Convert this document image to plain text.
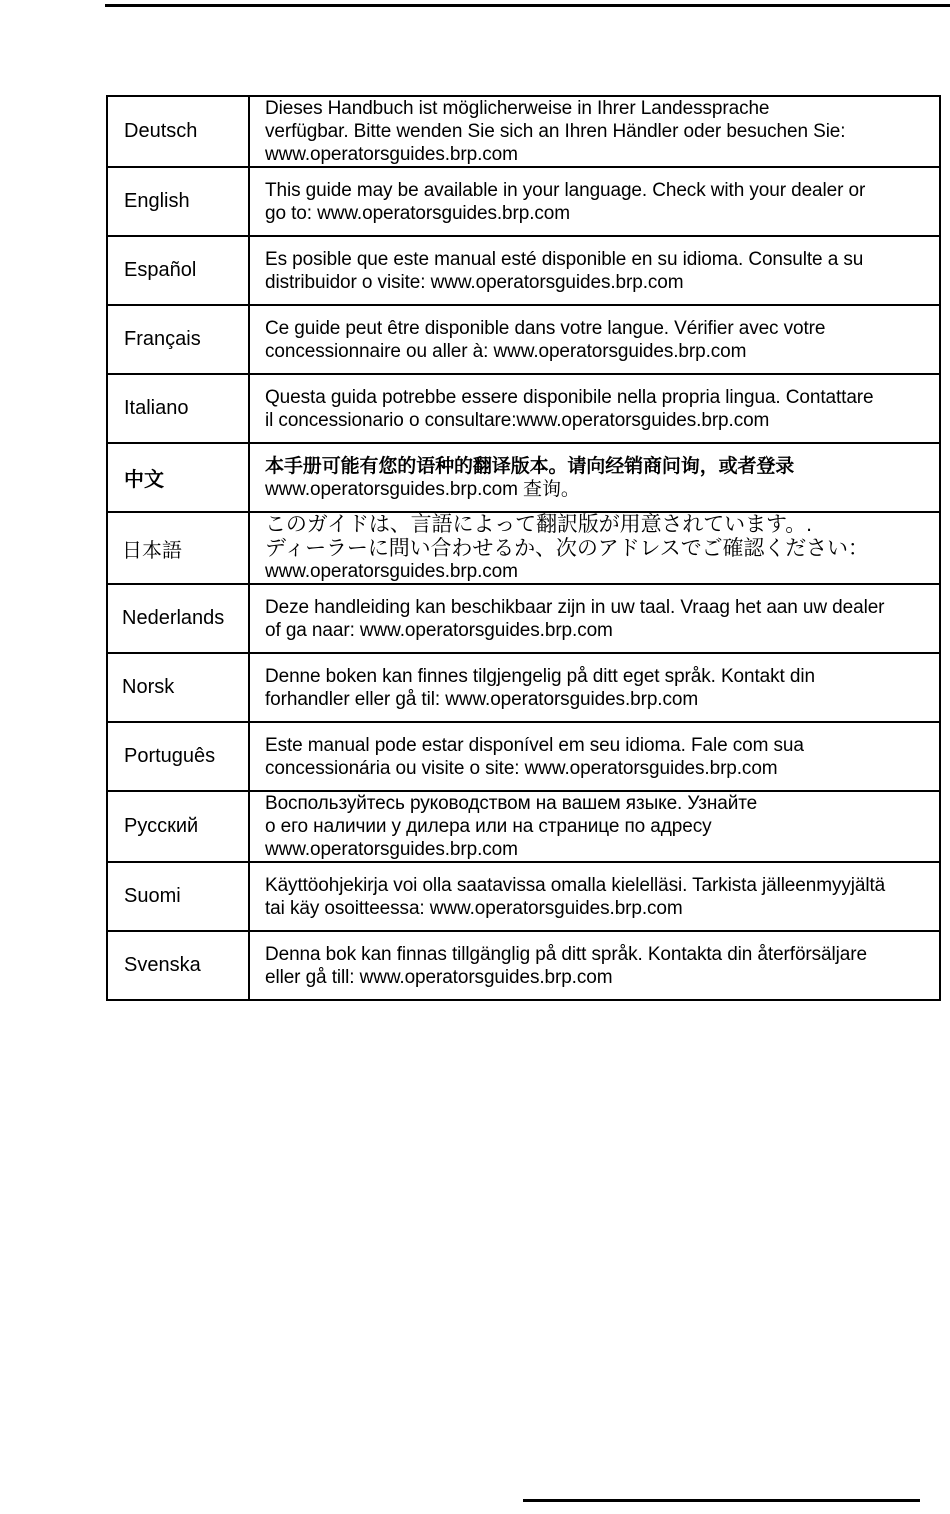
Deutsch	Dieses Handbuch ist möglicherweise in Ihrer Landessprache
verfügbar. Bitte wenden Sie sich an Ihren Händler oder besuchen Sie:
www.operatorsguides.brp.com

English	This guide may be available in your language. Check with your dealer or
go to: www.operatorsguides.brp.com

Español	Es posible que este manual esté disponible en su idioma. Consulte a su
distribuidor o visite: www.operatorsguides.brp.com

Français	Ce guide peut être disponible dans votre langue. Vérifier avec votre
concessionnaire ou aller à: www.operatorsguides.brp.com

Italiano	Questa guida potrebbe essere disponibile nella propria lingua. Contattare
il concessionario o consultare:www.operatorsguides.brp.com

中文	本手册可能有您的语种的翻译版本。请向经销商问询，或者登录
www.operatorsguides.brp.com 查询。

日本語	このガイドは、言語によって翻訳版が用意されています。.
ディーラーに問い合わせるか、次のアドレスでご確認ください：
www.operatorsguides.brp.com

Nederlands	Deze handleiding kan beschikbaar zijn in uw taal. Vraag het aan uw dealer
of ga naar: www.operatorsguides.brp.com

Norsk	Denne boken kan finnes tilgjengelig på ditt eget språk. Kontakt din
forhandler eller gå til: www.operatorsguides.brp.com

Português	Este manual pode estar disponível em seu idioma. Fale com sua
concessionária ou visite o site: www.operatorsguides.brp.com

Русский	Воспользуйтесь руководством на вашем языке. Узнайте
о его наличии у дилера или на странице по адресу
www.operatorsguides.brp.com

Suomi	Käyttöohjekirja voi olla saatavissa omalla kielelläsi. Tarkista jälleenmyyjältä
tai käy osoitteessa: www.operatorsguides.brp.com

Svenska	Denna bok kan finnas tillgänglig på ditt språk. Kontakta din återförsäljare
eller gå till: www.operatorsguides.brp.com
